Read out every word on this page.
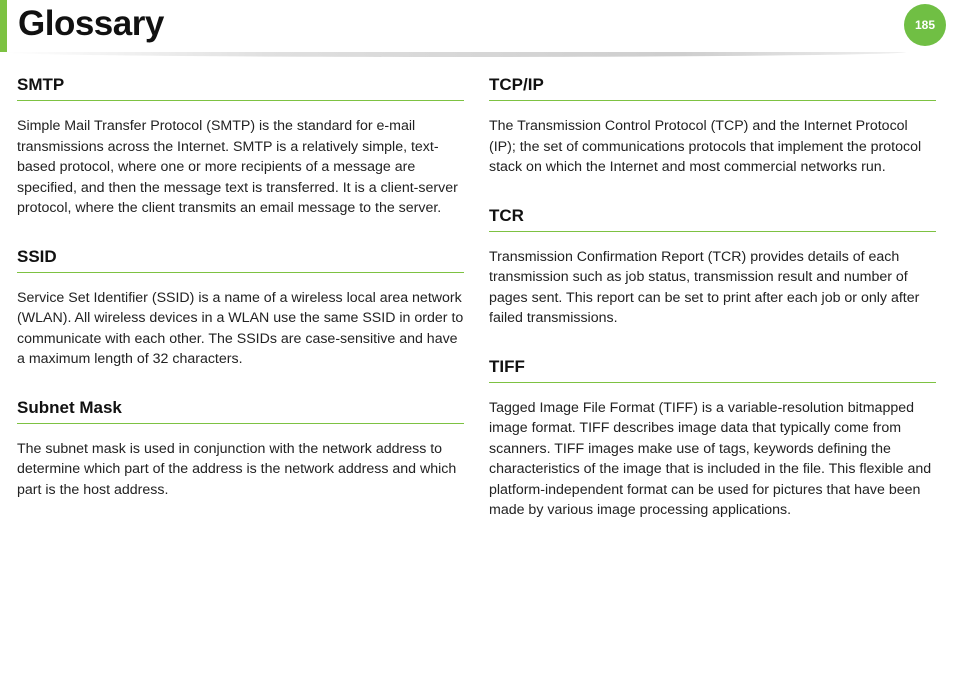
Glossary	185
SMTP

Simple Mail Transfer Protocol (SMTP) is the standard for e-mail transmissions across the Internet. SMTP is a relatively simple, text-based protocol, where one or more recipients of a message are specified, and then the message text is transferred. It is a client-server protocol, where the client transmits an email message to the server.

SSID

Service Set Identifier (SSID) is a name of a wireless local area network (WLAN). All wireless devices in a WLAN use the same SSID in order to communicate with each other. The SSIDs are case-sensitive and have a maximum length of 32 characters.

Subnet Mask

The subnet mask is used in conjunction with the network address to determine which part of the address is the network address and which part is the host address.

TCP/IP

The Transmission Control Protocol (TCP) and the Internet Protocol (IP); the set of communications protocols that implement the protocol stack on which the Internet and most commercial networks run.

TCR

Transmission Confirmation Report (TCR) provides details of each transmission such as job status, transmission result and number of pages sent. This report can be set to print after each job or only after failed transmissions.

TIFF

Tagged Image File Format (TIFF) is a variable-resolution bitmapped image format. TIFF describes image data that typically come from scanners. TIFF images make use of tags, keywords defining the characteristics of the image that is included in the file. This flexible and platform-independent format can be used for pictures that have been made by various image processing applications.
